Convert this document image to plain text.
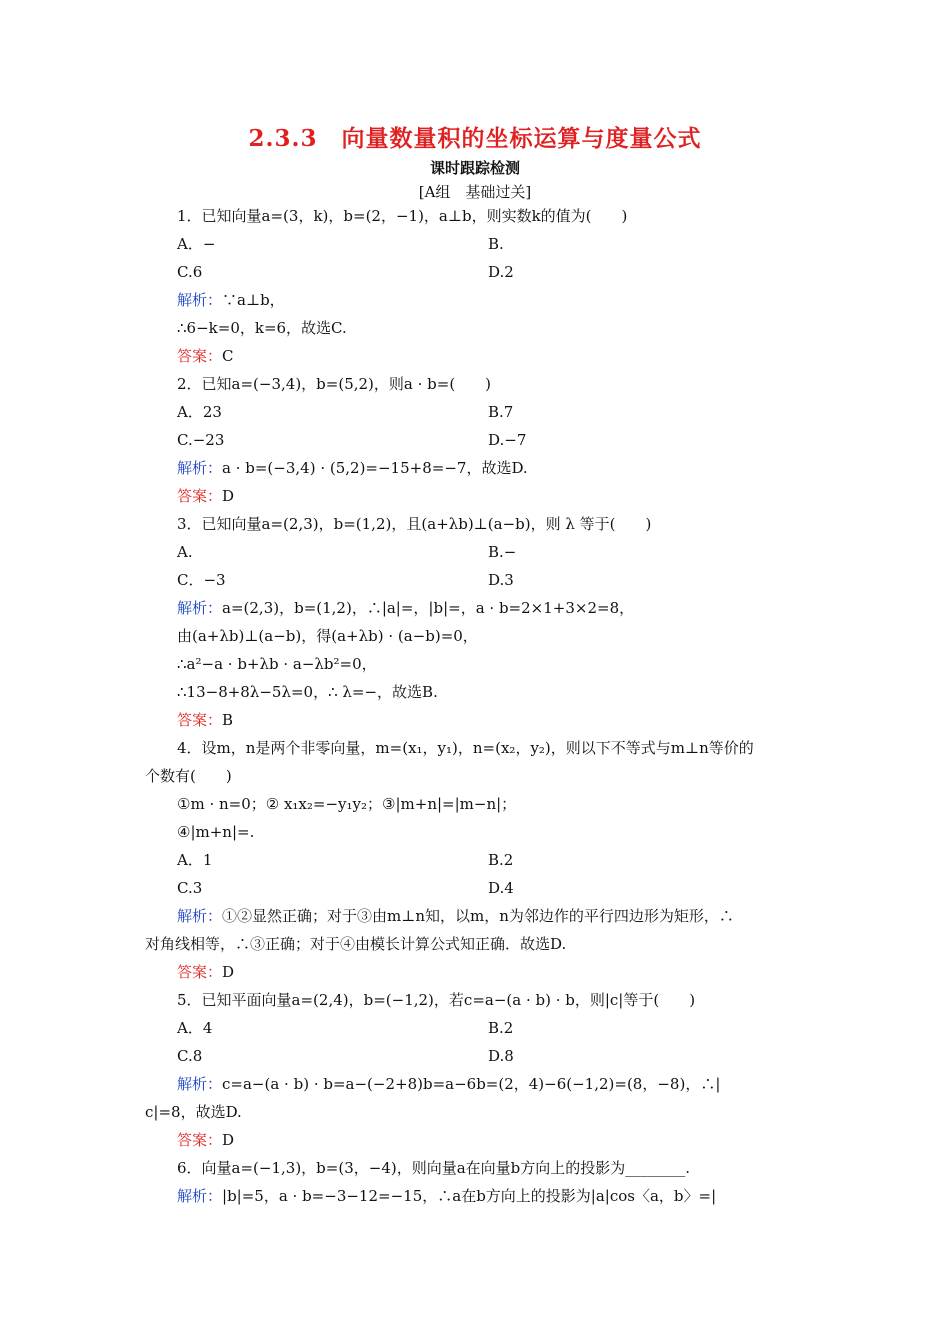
2.3.3　向量数量积的坐标运算与度量公式
课时跟踪检测
[A组　基础过关]
1．已知向量a=(3，k)，b=(2，−1)，a⊥b，则实数k的值为(　　)
A．−	B.
C.6	D.2
解析：∵a⊥b，
∴6−k=0，k=6，故选C.
答案：C
2．已知a=(−3,4)，b=(5,2)，则a · b=(　　)
A．23	B.7
C.−23	D.−7
解析：a · b=(−3,4) · (5,2)=−15+8=−7，故选D.
答案：D
3．已知向量a=(2,3)，b=(1,2)，且(a+λb)⊥(a−b)，则 λ 等于(　　)
A.	B.−
C．−3	D.3
解析：a=(2,3)，b=(1,2)，∴|a|=，|b|=，a · b=2×1+3×2=8，
由(a+λb)⊥(a−b)，得(a+λb) · (a−b)=0，
∴a²−a · b+λb · a−λb²=0，
∴13−8+8λ−5λ=0，∴ λ=−，故选B.
答案：B
4．设m，n是两个非零向量，m=(x₁，y₁)，n=(x₂，y₂)，则以下不等式与m⊥n等价的
个数有(　　)
①m · n=0；② x₁x₂=−y₁y₂；③|m+n|=|m−n|；
④|m+n|=.
A．1	B.2
C.3	D.4
解析：①②显然正确；对于③由m⊥n知，以m，n为邻边作的平行四边形为矩形，∴
对角线相等，∴③正确；对于④由模长计算公式知正确．故选D.
答案：D
5．已知平面向量a=(2,4)，b=(−1,2)，若c=a−(a · b) · b，则|c|等于(　　)
A．4	B.2
C.8	D.8
解析：c=a−(a · b) · b=a−(−2+8)b=a−6b=(2，4)−6(−1,2)=(8，−8)，∴|
c|=8，故选D.
答案：D
6．向量a=(−1,3)，b=(3，−4)，则向量a在向量b方向上的投影为________.
解析：|b|=5，a · b=−3−12=−15，∴a在b方向上的投影为|a|cos〈a，b〉=|
